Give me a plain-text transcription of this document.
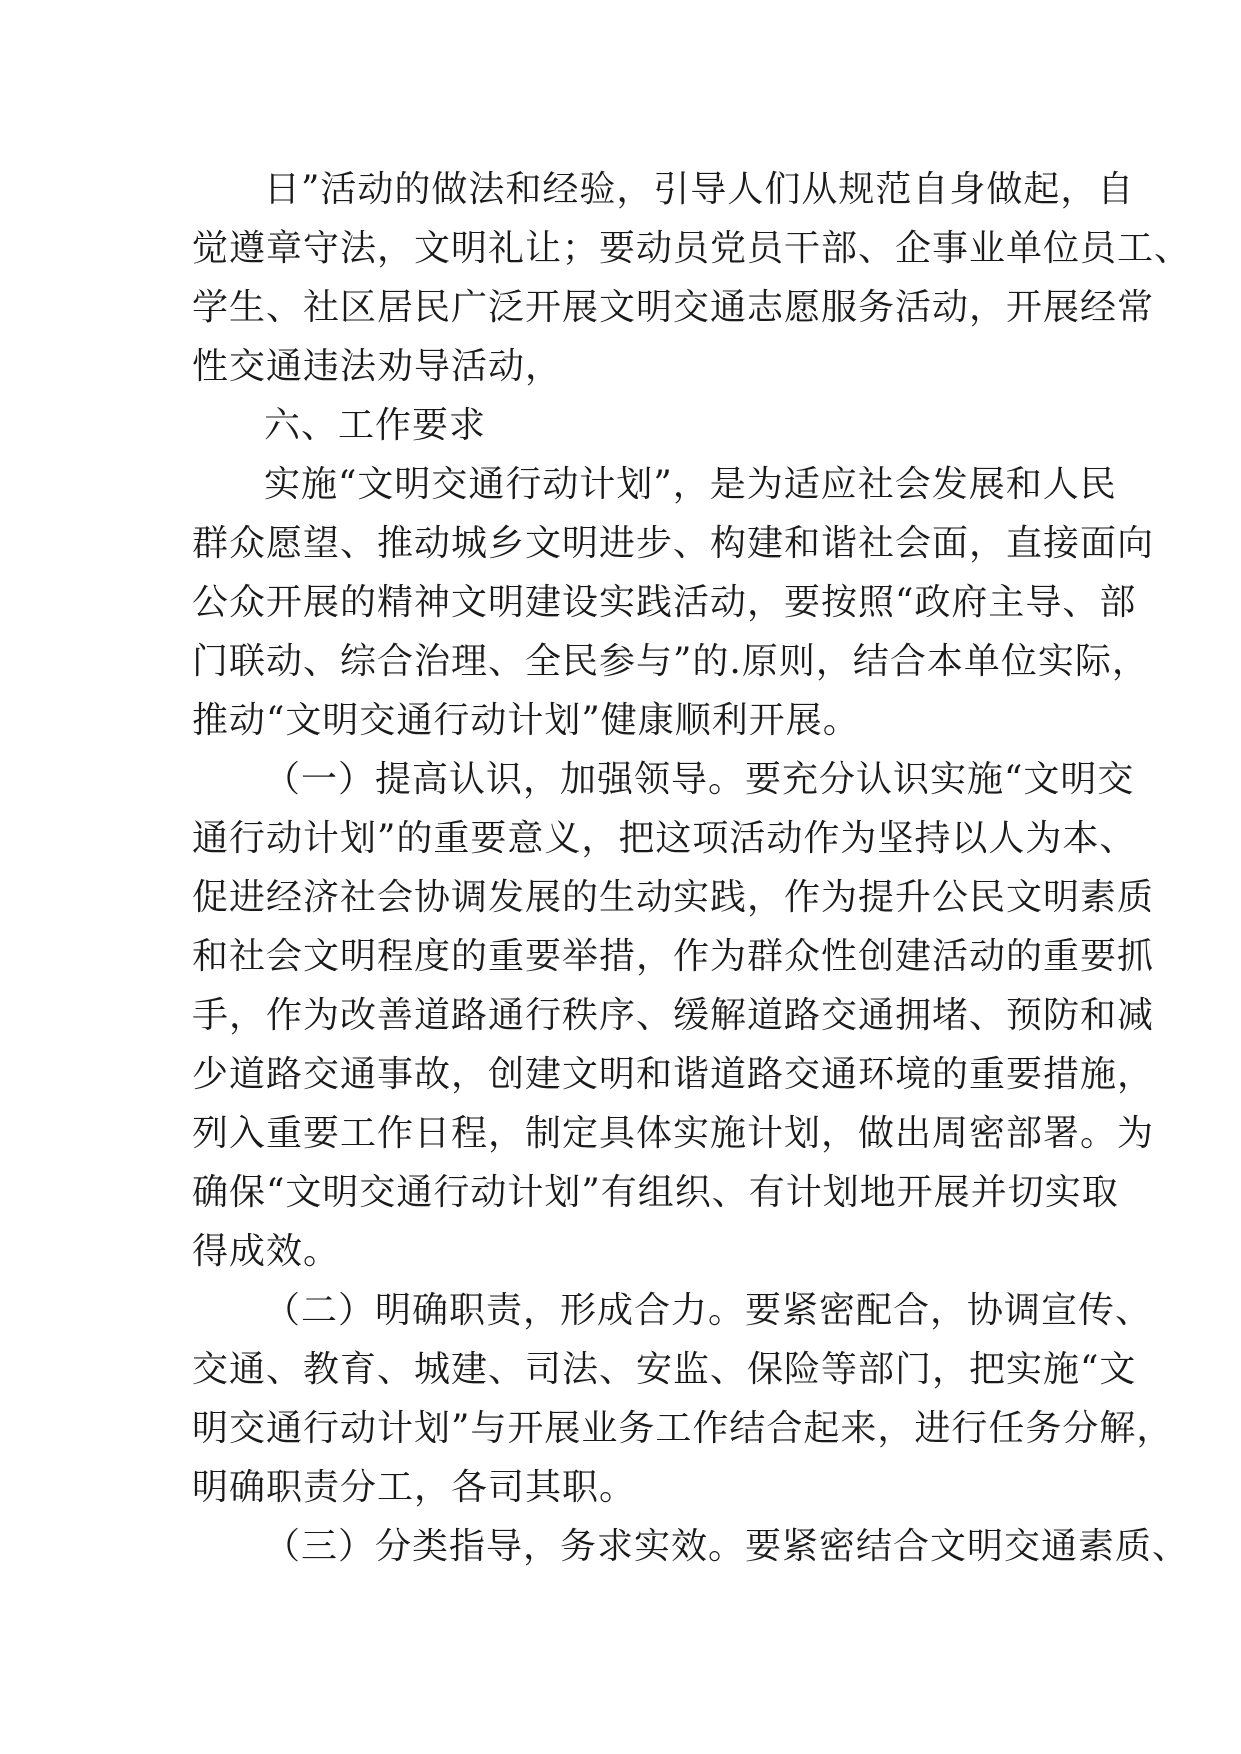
日”活动的做法和经验，引导人们从规范自身做起，自
觉遵章守法，文明礼让；要动员党员干部、企事业单位员工、
学生、社区居民广泛开展文明交通志愿服务活动，开展经常
性交通违法劝导活动，
六、工作要求
实施“文明交通行动计划”，是为适应社会发展和人民
群众愿望、推动城乡文明进步、构建和谐社会面，直接面向
公众开展的精神文明建设实践活动，要按照“政府主导、部
门联动、综合治理、全民参与”的.原则，结合本单位实际，
推动“文明交通行动计划”健康顺利开展。
（一）提高认识，加强领导。要充分认识实施“文明交
通行动计划”的重要意义，把这项活动作为坚持以人为本、
促进经济社会协调发展的生动实践，作为提升公民文明素质
和社会文明程度的重要举措，作为群众性创建活动的重要抓
手，作为改善道路通行秩序、缓解道路交通拥堵、预防和减
少道路交通事故，创建文明和谐道路交通环境的重要措施，
列入重要工作日程，制定具体实施计划，做出周密部署。为
确保“文明交通行动计划”有组织、有计划地开展并切实取
得成效。
（二）明确职责，形成合力。要紧密配合，协调宣传、
交通、教育、城建、司法、安监、保险等部门，把实施“文
明交通行动计划”与开展业务工作结合起来，进行任务分解，
明确职责分工，各司其职。
（三）分类指导，务求实效。要紧密结合文明交通素质、
